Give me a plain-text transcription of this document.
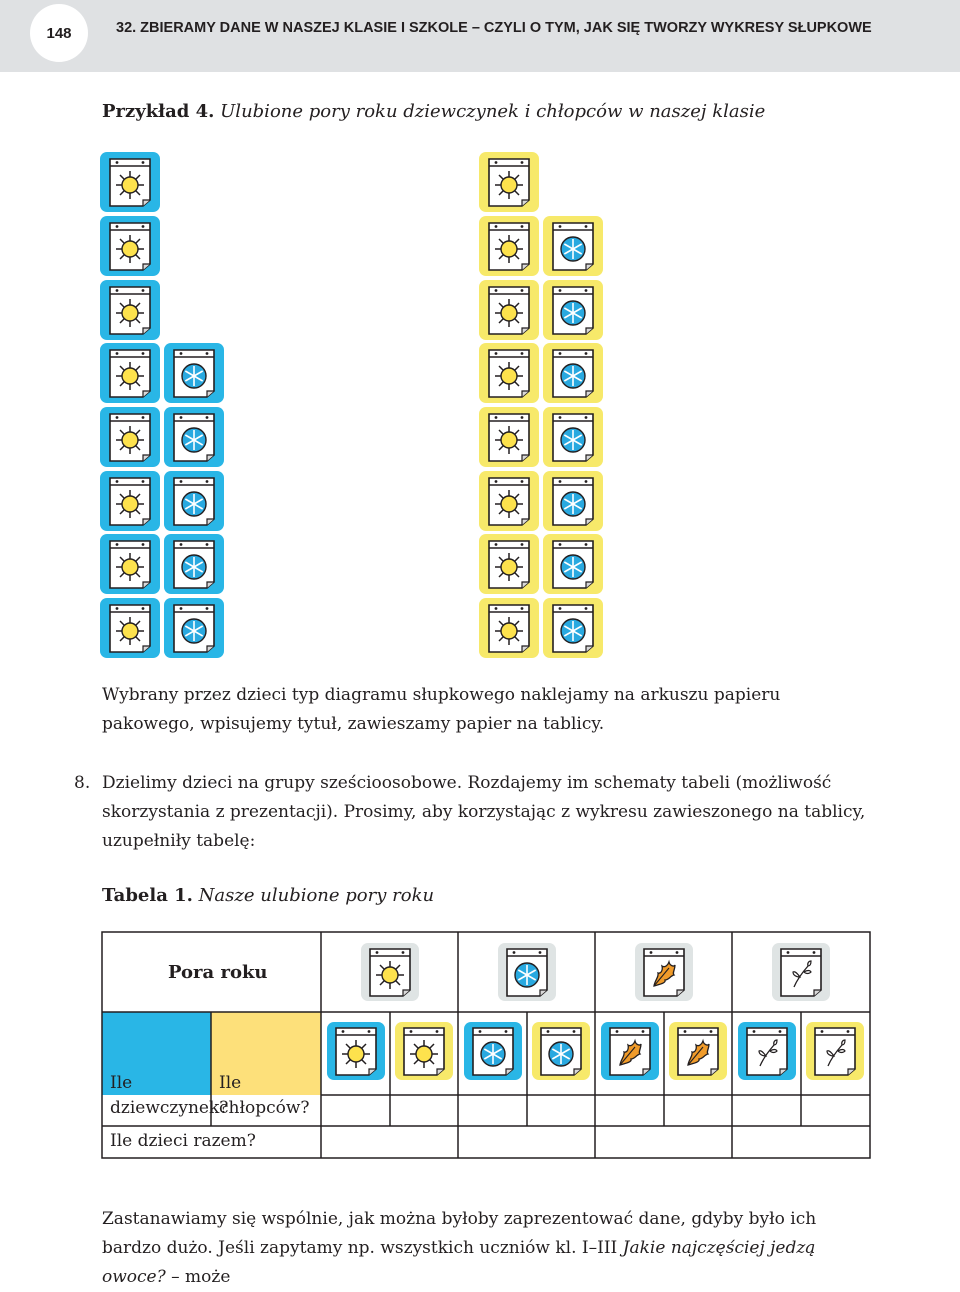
148	32. ZBIERAMY DANE W NASZEJ KLASIE I SZKOLE – CZYLI O TYM, JAK SIĘ TWORZY WYKRESY SŁUPKOWE
Przykład 4. Ulubione pory roku dziewczynek i chłopców w naszej klasie
Wybrany przez dzieci typ diagramu słupkowego naklejamy na arkuszu papieru pakowego, wpisujemy tytuł, zawieszamy papier na tablicy.
8. Dzielimy dzieci na grupy sześcioosobowe. Rozdajemy im schematy tabeli (możliwość skorzystania z prezentacji). Prosimy, aby korzystając z wykresu zawieszonego na tablicy, uzupełniły tabelę:
Tabela 1. Nasze ulubione pory roku
Pora roku
Ile dziewczynek?
Ile chłopców?
Ile dzieci razem?
Zastanawiamy się wspólnie, jak można byłoby zaprezentować dane, gdyby było ich bardzo dużo. Jeśli zapytamy np. wszystkich uczniów kl. I–III Jakie najczęściej jedzą owoce? – może
